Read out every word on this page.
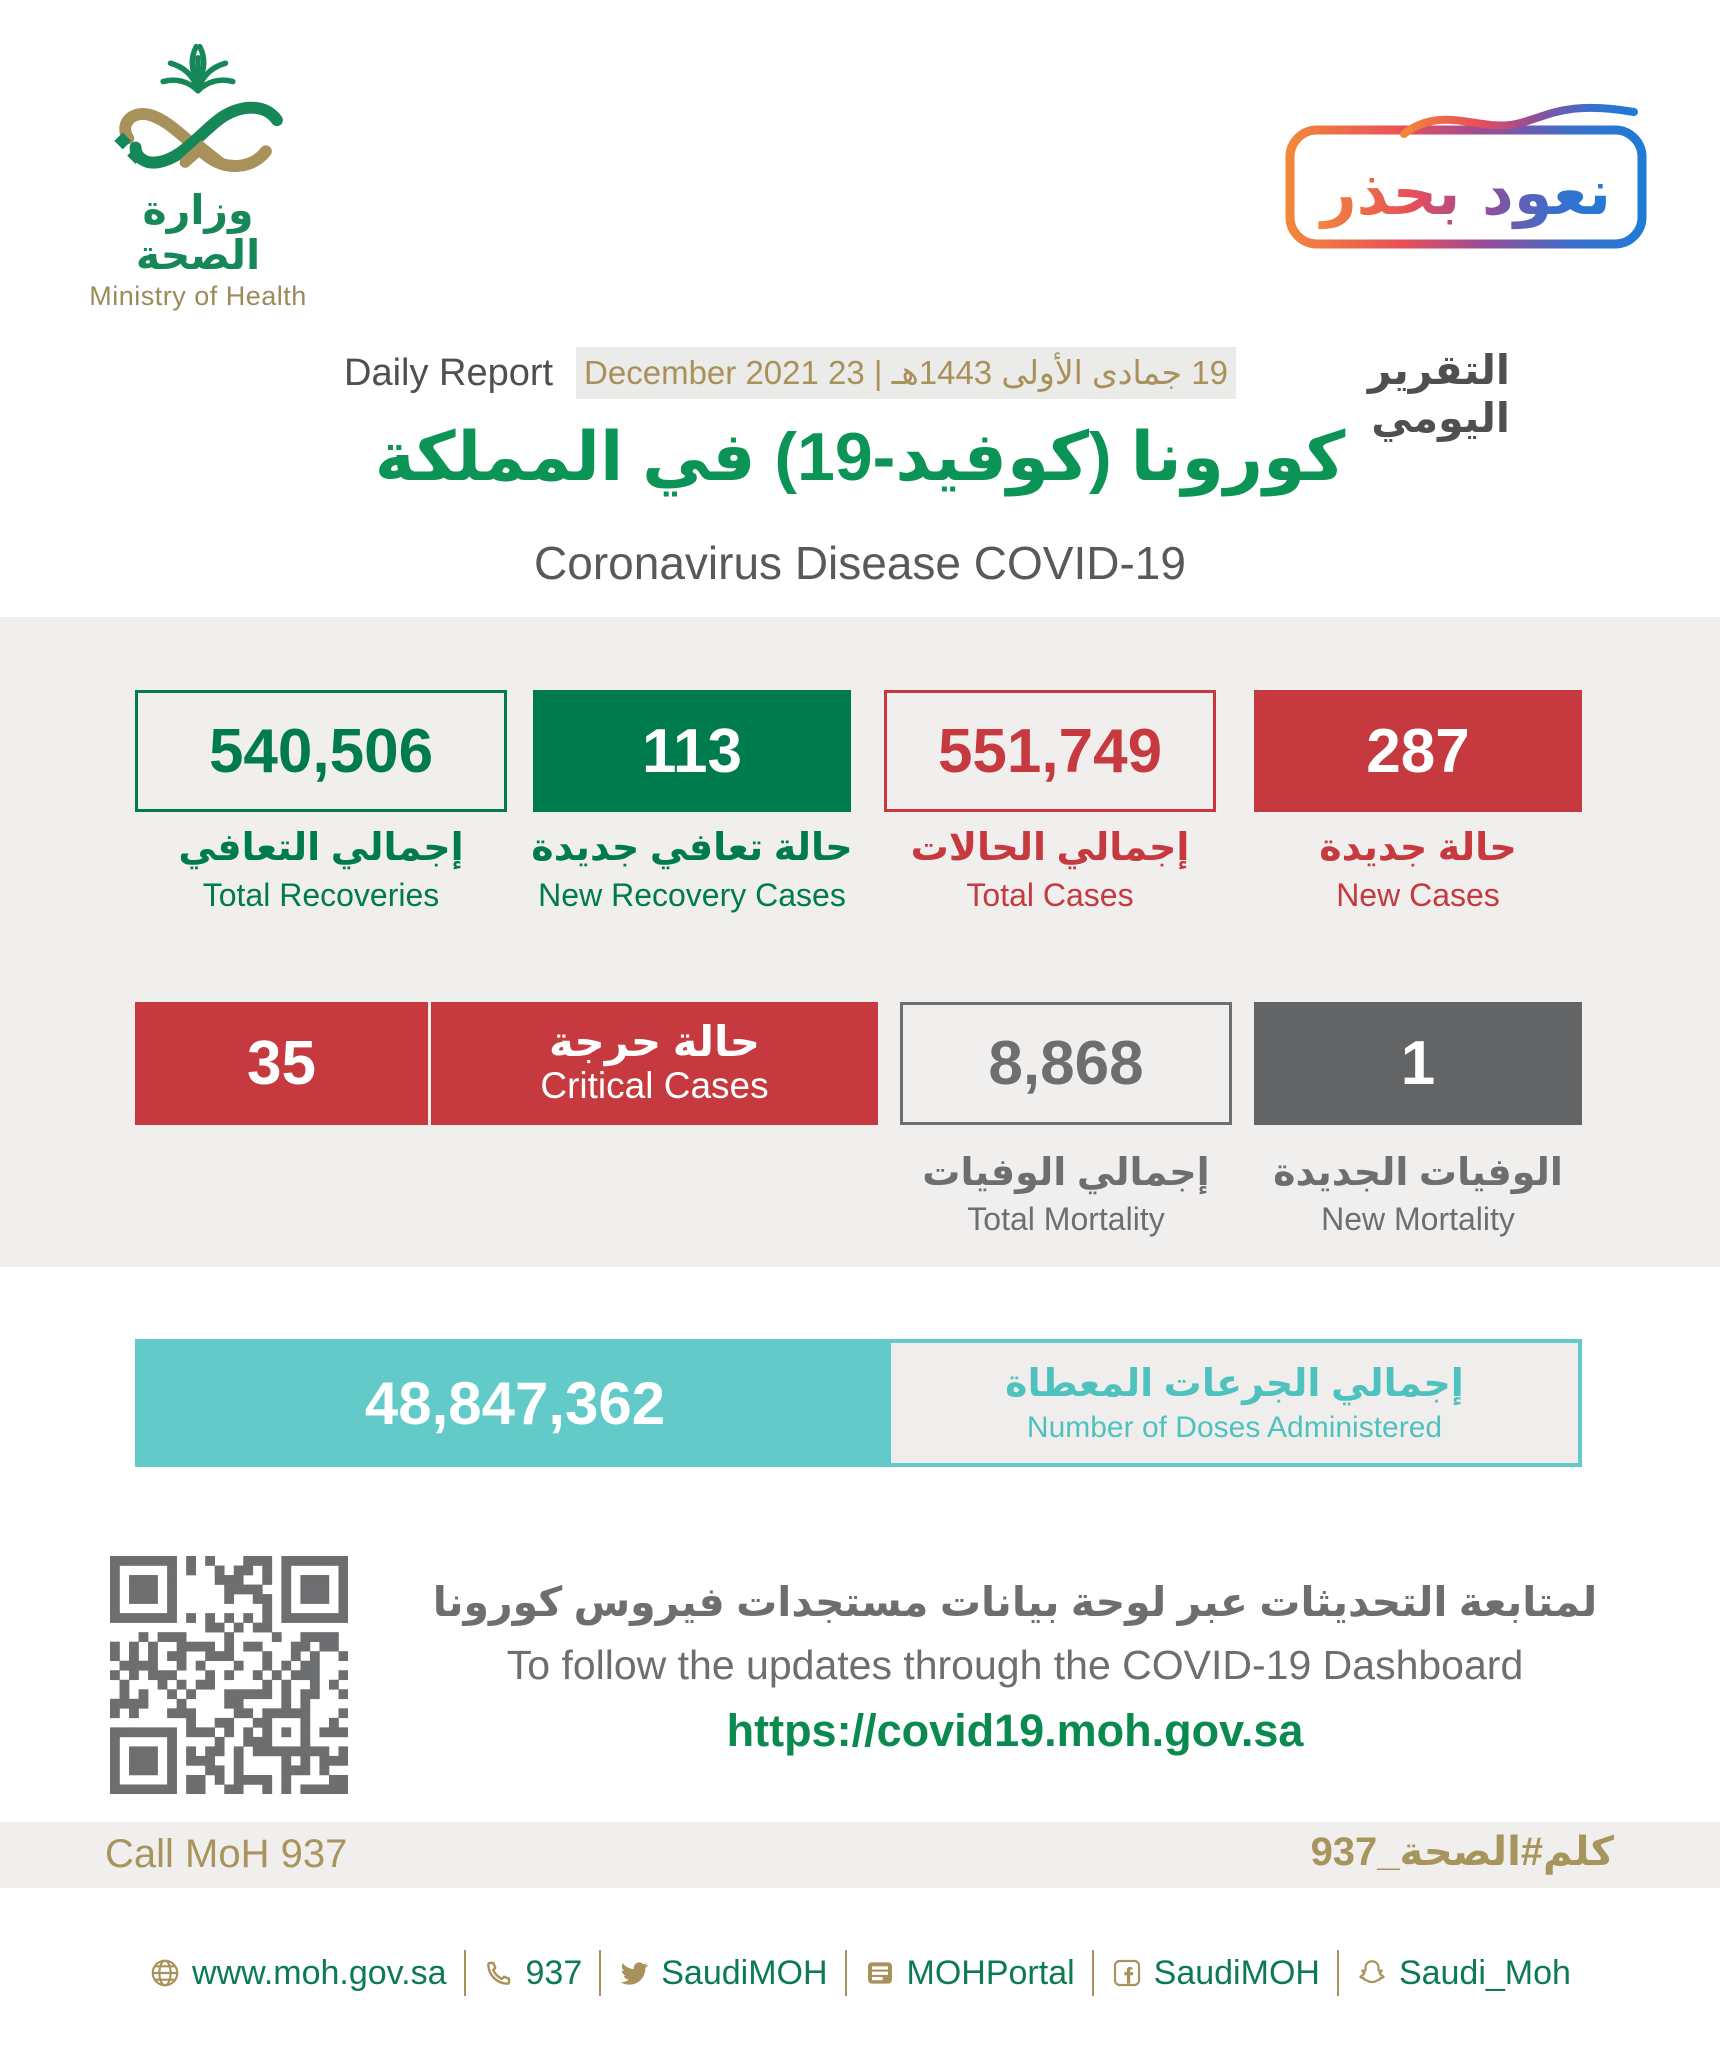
وزارة الصحة
Ministry of Health
نعود بحذر
Daily Report 19 جمادى الأولى 1443هـ | 23 December 2021	التقرير اليومي
كورونا (كوفيد-19) في المملكة
Coronavirus Disease COVID-19
540,506	113	551,749	287
إجمالي التعافي
Total Recoveries
حالة تعافي جديدة
New Recovery Cases
إجمالي الحالات
Total Cases
حالة جديدة
New Cases
35	حالة حرجة
Critical Cases	8,868	1
إجمالي الوفيات
Total Mortality
الوفيات الجديدة
New Mortality
48,847,362	إجمالي الجرعات المعطاة
Number of Doses Administered
لمتابعة التحديثات عبر لوحة بيانات مستجدات فيروس كورونا
To follow the updates through the COVID-19 Dashboard
https://covid19.moh.gov.sa
Call MoH 937	كلم#الصحة_937
www.moh.gov.sa 937 SaudiMOH MOHPortal SaudiMOH Saudi_Moh
